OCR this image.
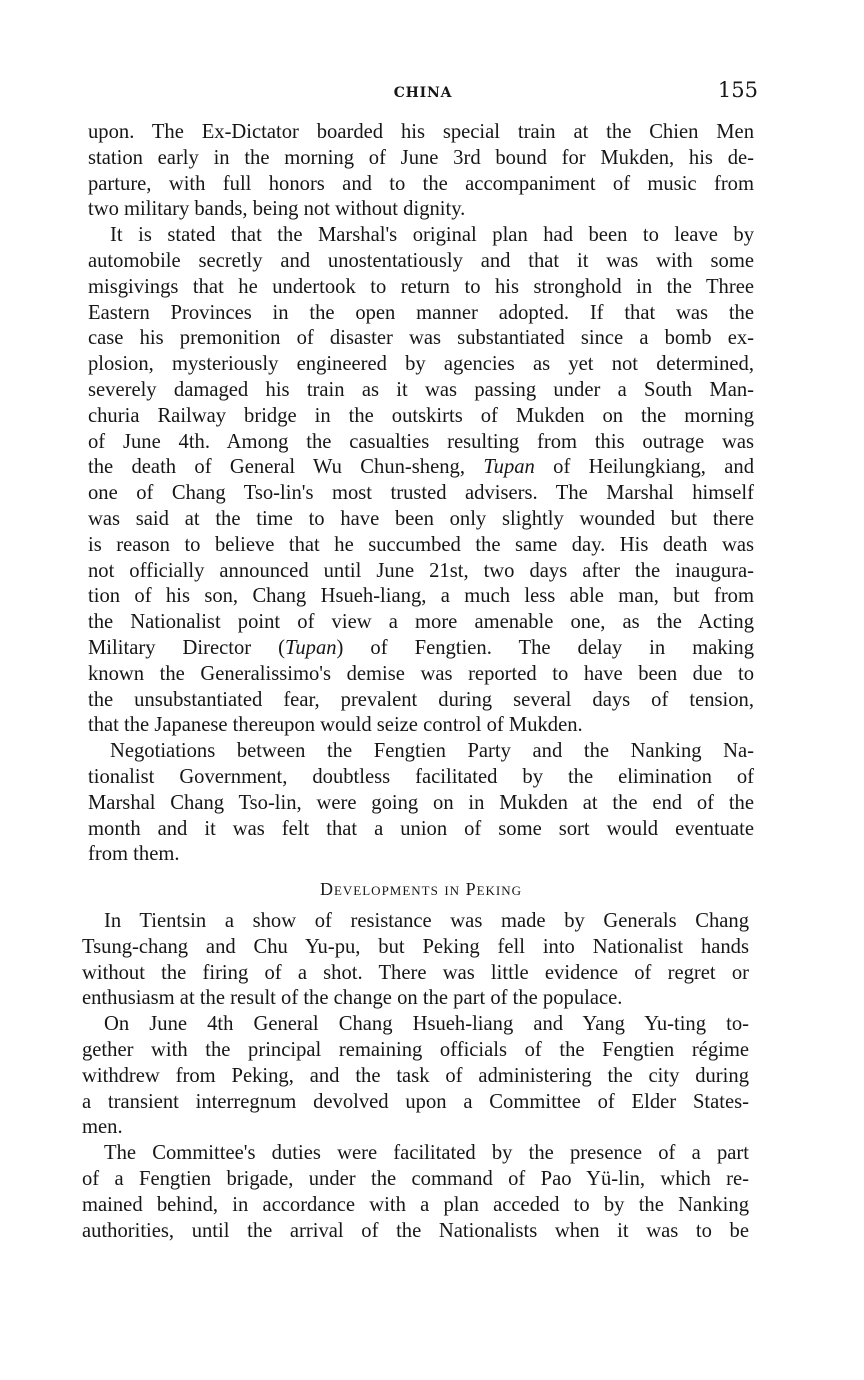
CHINA	155

upon. The Ex-Dictator boarded his special train at the Chien Men
station early in the morning of June 3rd bound for Mukden, his de-
parture, with full honors and to the accompaniment of music from
two military bands, being not without dignity.

It is stated that the Marshal's original plan had been to leave by
automobile secretly and unostentatiously and that it was with some
misgivings that he undertook to return to his stronghold in the Three
Eastern Provinces in the open manner adopted. If that was the
case his premonition of disaster was substantiated since a bomb ex-
plosion, mysteriously engineered by agencies as yet not determined,
severely damaged his train as it was passing under a South Man-
churia Railway bridge in the outskirts of Mukden on the morning
of June 4th. Among the casualties resulting from this outrage was
the death of General Wu Chun-sheng, Tupan of Heilungkiang, and
one of Chang Tso-lin's most trusted advisers. The Marshal himself
was said at the time to have been only slightly wounded but there
is reason to believe that he succumbed the same day. His death was
not officially announced until June 21st, two days after the inaugura-
tion of his son, Chang Hsueh-liang, a much less able man, but from
the Nationalist point of view a more amenable one, as the Acting
Military Director (Tupan) of Fengtien. The delay in making
known the Generalissimo's demise was reported to have been due to
the unsubstantiated fear, prevalent during several days of tension,
that the Japanese thereupon would seize control of Mukden.

Negotiations between the Fengtien Party and the Nanking Na-
tionalist Government, doubtless facilitated by the elimination of
Marshal Chang Tso-lin, were going on in Mukden at the end of the
month and it was felt that a union of some sort would eventuate
from them.

Developments in Peking

In Tientsin a show of resistance was made by Generals Chang
Tsung-chang and Chu Yu-pu, but Peking fell into Nationalist hands
without the firing of a shot. There was little evidence of regret or
enthusiasm at the result of the change on the part of the populace.

On June 4th General Chang Hsueh-liang and Yang Yu-ting to-
gether with the principal remaining officials of the Fengtien régime
withdrew from Peking, and the task of administering the city during
a transient interregnum devolved upon a Committee of Elder States-
men.

The Committee's duties were facilitated by the presence of a part
of a Fengtien brigade, under the command of Pao Yü-lin, which re-
mained behind, in accordance with a plan acceded to by the Nanking
authorities, until the arrival of the Nationalists when it was to be
